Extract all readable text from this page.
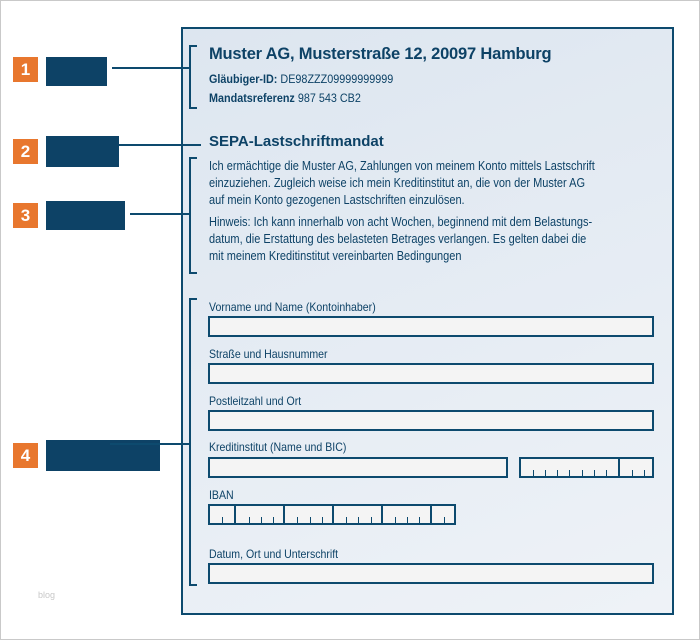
1
2
3
4
Muster AG, Musterstraße 12, 20097 Hamburg
Gläubiger-ID: DE98ZZZ09999999999
Mandatsreferenz 987 543 CB2
SEPA-Lastschriftmandat
Ich ermächtige die Muster AG, Zahlungen von meinem Konto mittels Lastschrift
einzuziehen. Zugleich weise ich mein Kreditinstitut an, die von der Muster AG
auf mein Konto gezogenen Lastschriften einzulösen.
Hinweis: Ich kann innerhalb von acht Wochen, beginnend mit dem Belastungs-
datum, die Erstattung des belasteten Betrages verlangen. Es gelten dabei die
mit meinem Kreditinstitut vereinbarten Bedingungen
Vorname und Name (Kontoinhaber)
Straße und Hausnummer
Postleitzahl und Ort
Kreditinstitut (Name und BIC)
IBAN
Datum, Ort und Unterschrift
blog
